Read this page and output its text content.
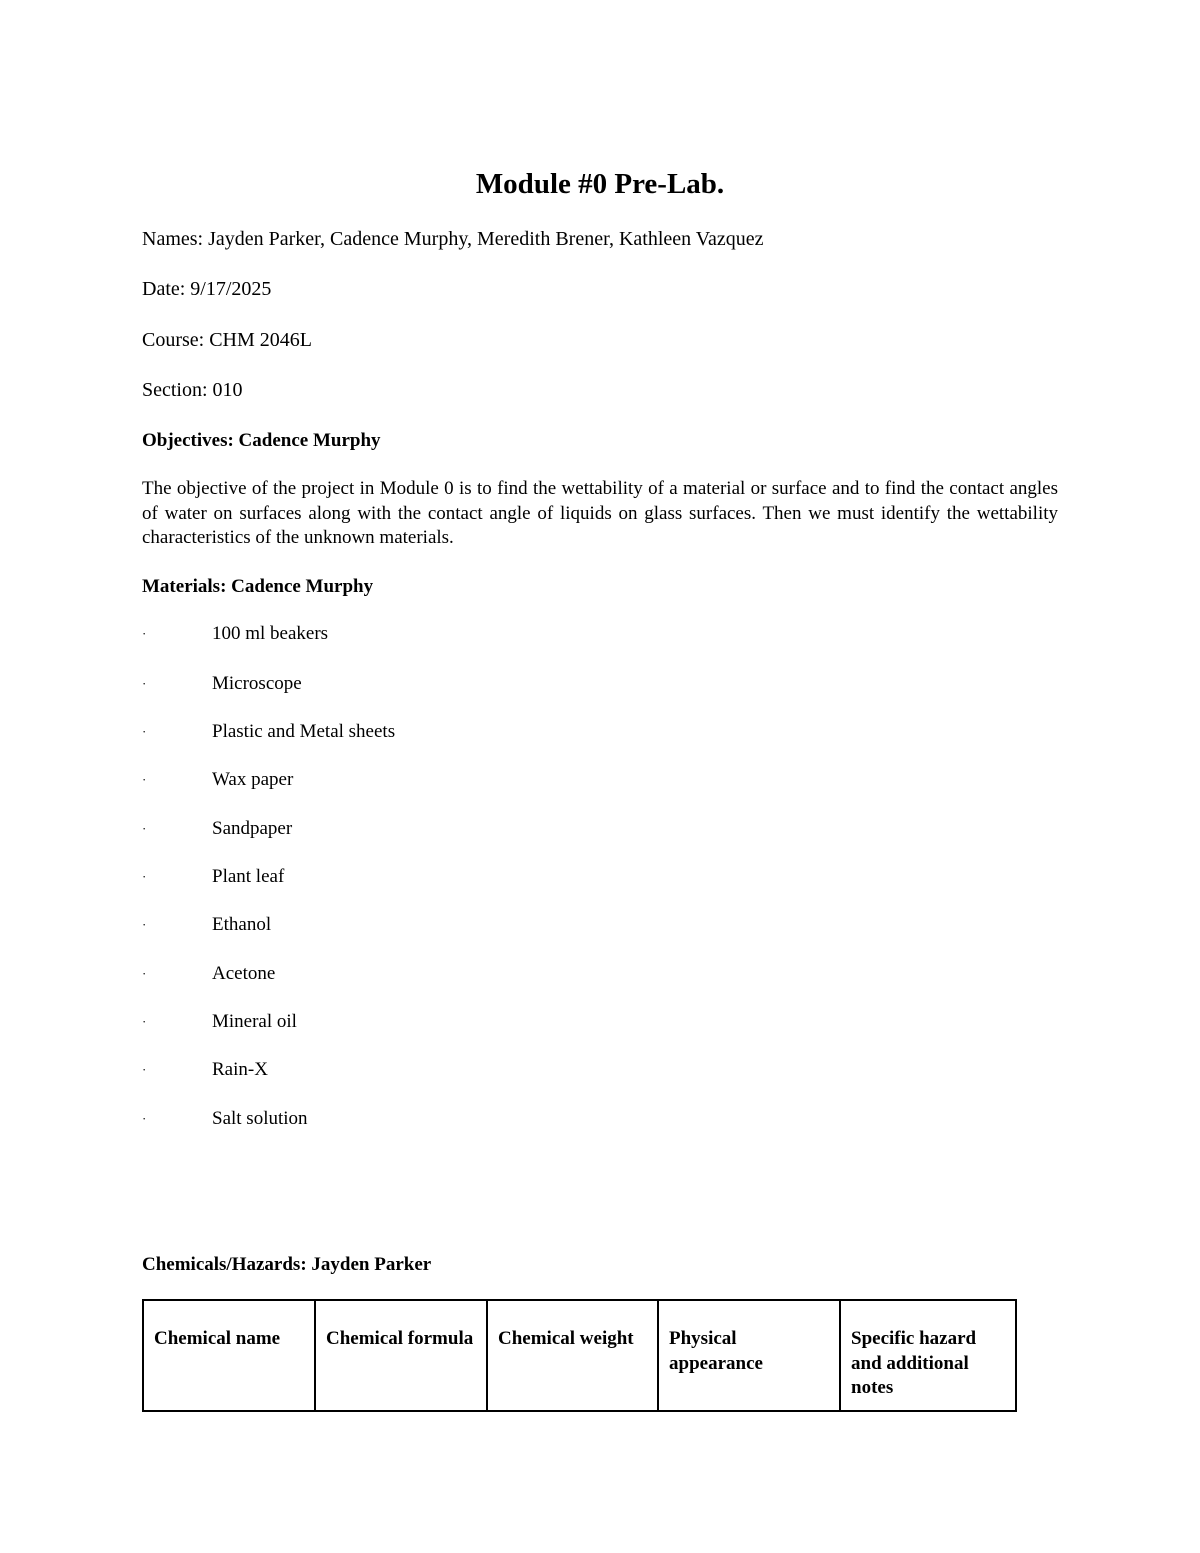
Module #0 Pre-Lab.
Names: Jayden Parker, Cadence Murphy, Meredith Brener, Kathleen Vazquez
Date: 9/17/2025
Course: CHM 2046L
Section: 010
Objectives: Cadence Murphy
The objective of the project in Module 0 is to find the wettability of a material or surface and to find the contact angles of water on surfaces along with the contact angle of liquids on glass surfaces. Then we must identify the wettability characteristics of the unknown materials.
Materials: Cadence Murphy
·	100 ml beakers
·	Microscope
·	Plastic and Metal sheets
·	Wax paper
·	Sandpaper
·	Plant leaf
·	Ethanol
·	Acetone
·	Mineral oil
·	Rain-X
·	Salt solution
Chemicals/Hazards: Jayden Parker
Chemical name	Chemical formula	Chemical weight	Physical appearance	Specific hazard and additional notes
